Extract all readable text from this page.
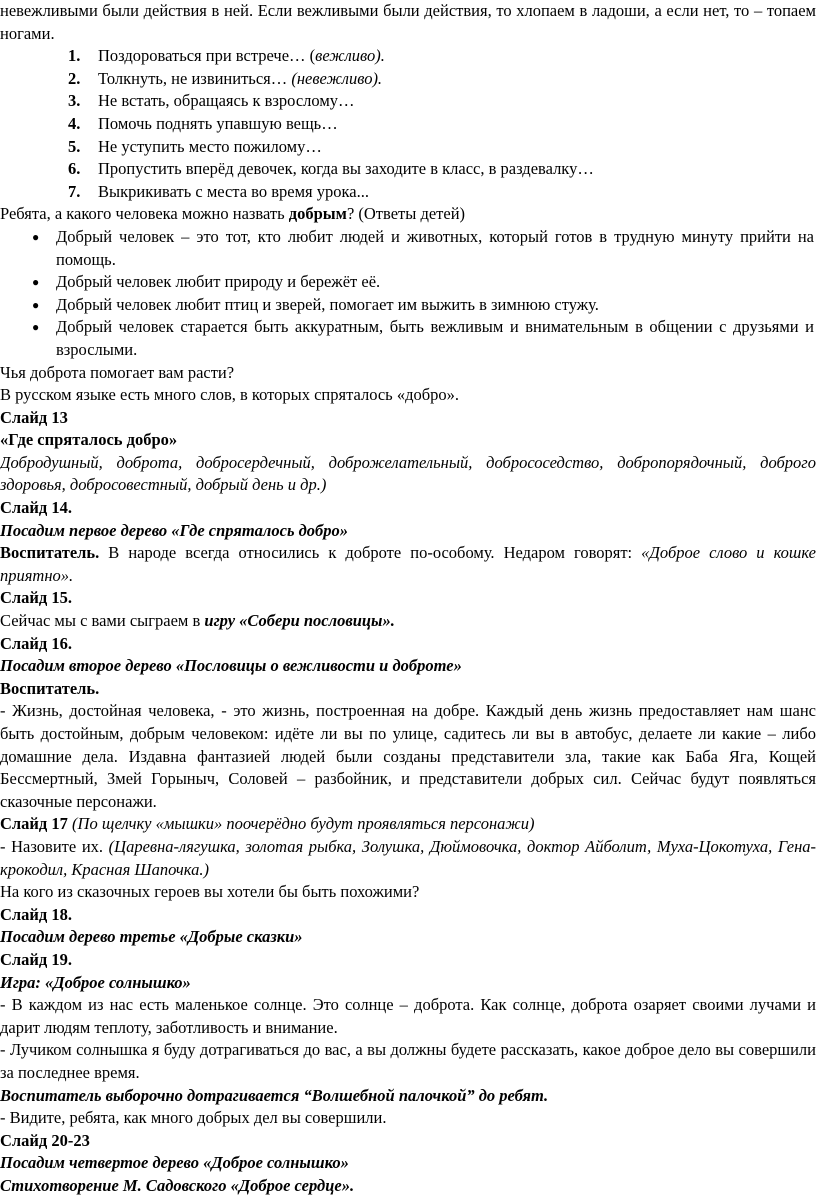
невежливыми были действия в ней. Если вежливыми были действия, то хлопаем в ладоши, а если нет, то – топаем ногами.

1. Поздороваться при встрече… (вежливо).
2. Толкнуть, не извиниться… (невежливо).
3. Не встать, обращаясь к взрослому…
4. Помочь поднять упавшую вещь…
5. Не уступить место пожилому…
6. Пропустить вперёд девочек, когда вы заходите в класс, в раздевалку…
7. Выкрикивать с места во время урока...

Ребята, а какого человека можно назвать добрым? (Ответы детей)

● Добрый человек – это тот, кто любит людей и животных, который готов в трудную минуту прийти на помощь.
● Добрый человек любит природу и бережёт её.
● Добрый человек любит птиц и зверей, помогает им выжить в зимнюю стужу.
● Добрый человек старается быть аккуратным, быть вежливым и внимательным в общении с друзьями и взрослыми.

Чья доброта помогает вам расти?

В русском языке есть много слов, в которых спряталось «добро».

Слайд 13

«Где спряталось добро»

Добродушный, доброта, добросердечный, доброжелательный, добрососедство, добропорядочный, доброго здоровья, добросовестный, добрый день и др.)

Слайд 14.

Посадим первое дерево «Где спряталось добро»

Воспитатель. В народе всегда относились к доброте по-особому. Недаром говорят: «Доброе слово и кошке приятно».

Слайд 15.

Сейчас мы с вами сыграем в игру «Собери пословицы».

Слайд 16.

Посадим второе дерево «Пословицы о вежливости и доброте»

Воспитатель.

- Жизнь, достойная человека, - это жизнь, построенная на добре. Каждый день жизнь предоставляет нам шанс быть достойным, добрым человеком: идёте ли вы по улице, садитесь ли вы в автобус, делаете ли какие – либо домашние дела. Издавна фантазией людей были созданы представители зла, такие как Баба Яга, Кощей Бессмертный, Змей Горыныч, Соловей – разбойник, и представители добрых сил. Сейчас будут появляться сказочные персонажи.

Слайд 17 (По щелчку «мышки» поочерёдно будут проявляться персонажи)

- Назовите их. (Царевна-лягушка, золотая рыбка, Золушка, Дюймовочка, доктор Айболит, Муха-Цокотуха, Гена-крокодил, Красная Шапочка.)

На кого из сказочных героев вы хотели бы быть похожими?

Слайд 18.

Посадим дерево третье «Добрые сказки»

Слайд 19.

Игра: «Доброе солнышко»

- В каждом из нас есть маленькое солнце. Это солнце – доброта. Как солнце, доброта озаряет своими лучами и дарит людям теплоту, заботливость и внимание.

- Лучиком солнышка я буду дотрагиваться до вас, а вы должны будете рассказать, какое доброе дело вы совершили за последнее время.

Воспитатель выборочно дотрагивается “Волшебной палочкой” до ребят.

- Видите, ребята, как много добрых дел вы совершили.

Слайд 20-23

Посадим четвертое дерево «Доброе солнышко»

Стихотворение М. Садовского «Доброе сердце».
